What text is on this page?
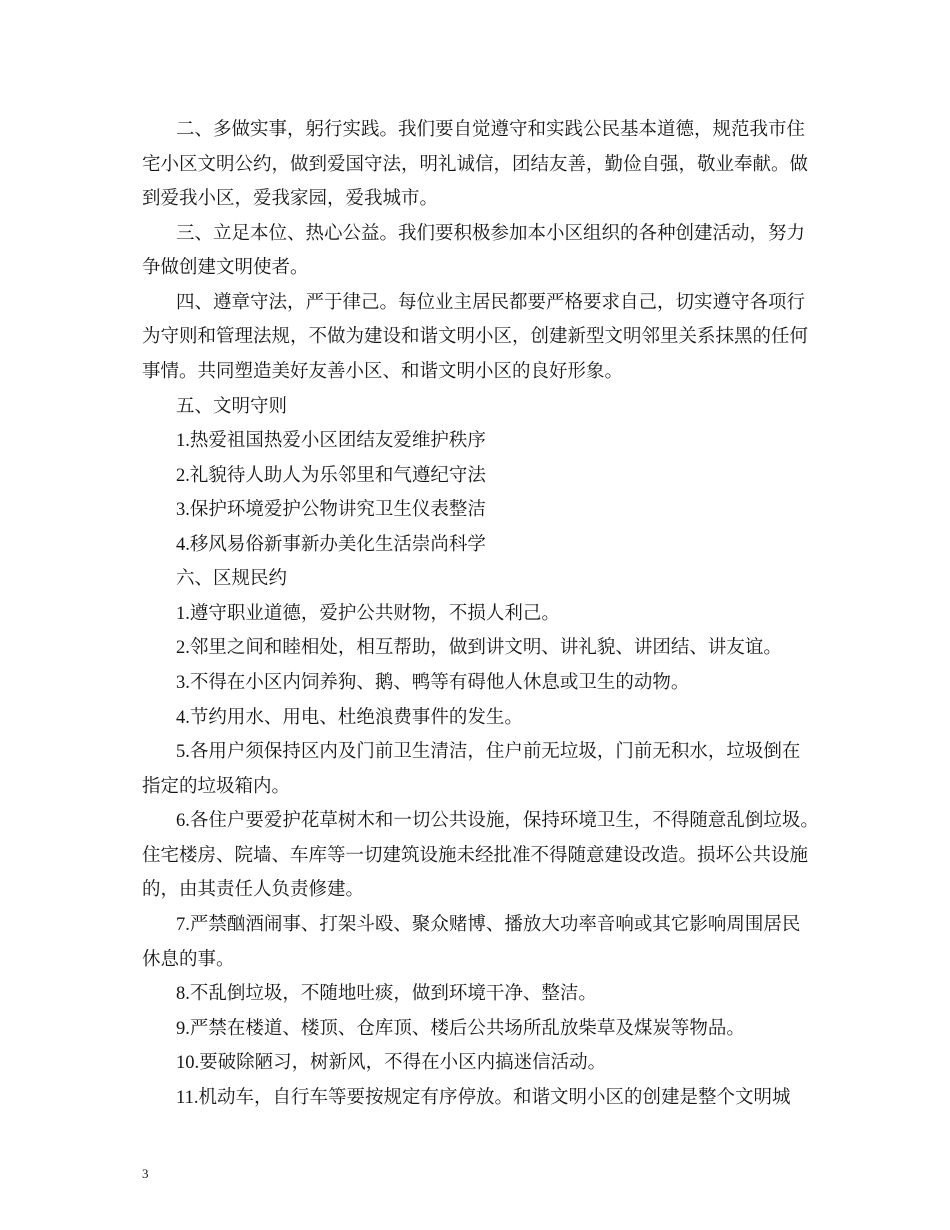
二、多做实事，躬行实践。我们要自觉遵守和实践公民基本道德，规范我市住
宅小区文明公约，做到爱国守法，明礼诚信，团结友善，勤俭自强，敬业奉献。做
到爱我小区，爱我家园，爱我城市。
三、立足本位、热心公益。我们要积极参加本小区组织的各种创建活动，努力
争做创建文明使者。
四、遵章守法，严于律己。每位业主居民都要严格要求自己，切实遵守各项行
为守则和管理法规，不做为建设和谐文明小区，创建新型文明邻里关系抹黑的任何
事情。共同塑造美好友善小区、和谐文明小区的良好形象。
五、文明守则
1.热爱祖国热爱小区团结友爱维护秩序
2.礼貌待人助人为乐邻里和气遵纪守法
3.保护环境爱护公物讲究卫生仪表整洁
4.移风易俗新事新办美化生活崇尚科学
六、区规民约
1.遵守职业道德，爱护公共财物，不损人利己。
2.邻里之间和睦相处，相互帮助，做到讲文明、讲礼貌、讲团结、讲友谊。
3.不得在小区内饲养狗、鹅、鸭等有碍他人休息或卫生的动物。
4.节约用水、用电、杜绝浪费事件的发生。
5.各用户须保持区内及门前卫生清洁，住户前无垃圾，门前无积水，垃圾倒在
指定的垃圾箱内。
6.各住户要爱护花草树木和一切公共设施，保持环境卫生，不得随意乱倒垃圾。
住宅楼房、院墙、车库等一切建筑设施未经批准不得随意建设改造。损坏公共设施
的，由其责任人负责修建。
7.严禁酗酒闹事、打架斗殴、聚众赌博、播放大功率音响或其它影响周围居民
休息的事。
8.不乱倒垃圾，不随地吐痰，做到环境干净、整洁。
9.严禁在楼道、楼顶、仓库顶、楼后公共场所乱放柴草及煤炭等物品。
10.要破除陋习，树新风，不得在小区内搞迷信活动。
11.机动车，自行车等要按规定有序停放。和谐文明小区的创建是整个文明城
3
